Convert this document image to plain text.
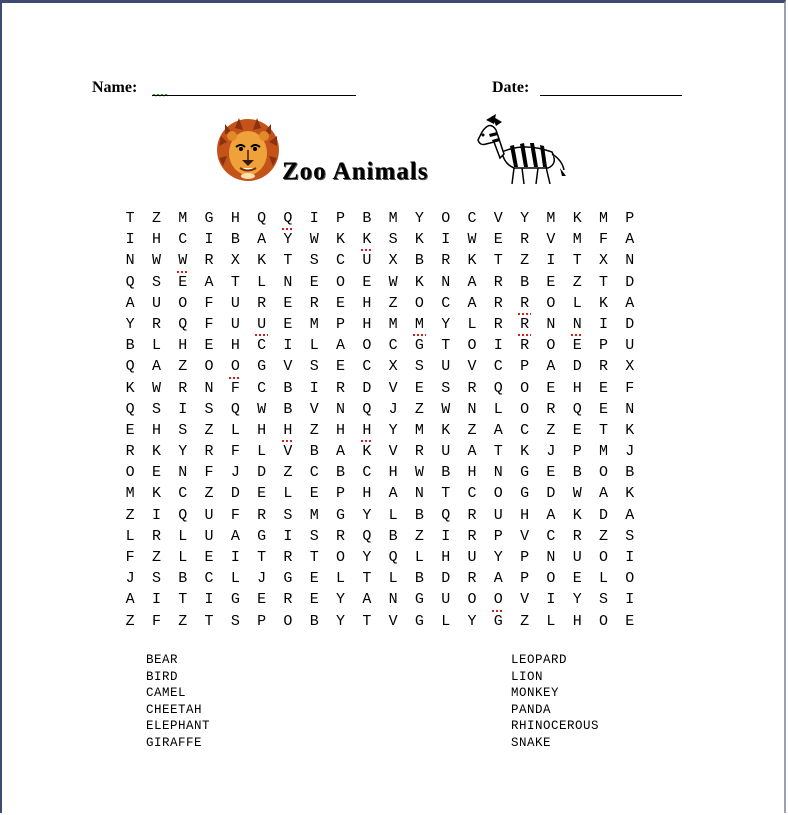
Name:	Date:
Zoo Animals
T	Z	M	G	H	Q	Q	I	P	B	M	Y	O	C	V	Y	M	K	M	P
I	H	C	I	B	A	Y	W	K	K	S	K	I	W	E	R	V	M	F	A
N	W	W	R	X	K	T	S	C	U	X	B	R	K	T	Z	I	T	X	N
Q	S	E	A	T	L	N	E	O	E	W	K	N	A	R	B	E	Z	T	D
A	U	O	F	U	R	E	R	E	H	Z	O	C	A	R	R	O	L	K	A
Y	R	Q	F	U	U	E	M	P	H	M	M	Y	L	R	R	N	N	I	D
B	L	H	E	H	C	I	L	A	O	C	G	T	O	I	R	O	E	P	U
Q	A	Z	O	O	G	V	S	E	C	X	S	U	V	C	P	A	D	R	X
K	W	R	N	F	C	B	I	R	D	V	E	S	R	Q	O	E	H	E	F
Q	S	I	S	Q	W	B	V	N	Q	J	Z	W	N	L	O	R	Q	E	N
E	H	S	Z	L	H	H	Z	H	H	Y	M	K	Z	A	C	Z	E	T	K
R	K	Y	R	F	L	V	B	A	K	V	R	U	A	T	K	J	P	M	J
O	E	N	F	J	D	Z	C	B	C	H	W	B	H	N	G	E	B	O	B
M	K	C	Z	D	E	L	E	P	H	A	N	T	C	O	G	D	W	A	K
Z	I	Q	U	F	R	S	M	G	Y	L	B	Q	R	U	H	A	K	D	A
L	R	L	U	A	G	I	S	R	Q	B	Z	I	R	P	V	C	R	Z	S
F	Z	L	E	I	T	R	T	O	Y	Q	L	H	U	Y	P	N	U	O	I
J	S	B	C	L	J	G	E	L	T	L	B	D	R	A	P	O	E	L	O
A	I	T	I	G	E	R	E	Y	A	N	G	U	O	O	V	I	Y	S	I
Z	F	Z	T	S	P	O	B	Y	T	V	G	L	Y	G	Z	L	H	O	E
BEAR
BIRD
CAMEL
CHEETAH
ELEPHANT
GIRAFFE
LEOPARD
LION
MONKEY
PANDA
RHINOCEROUS
SNAKE
